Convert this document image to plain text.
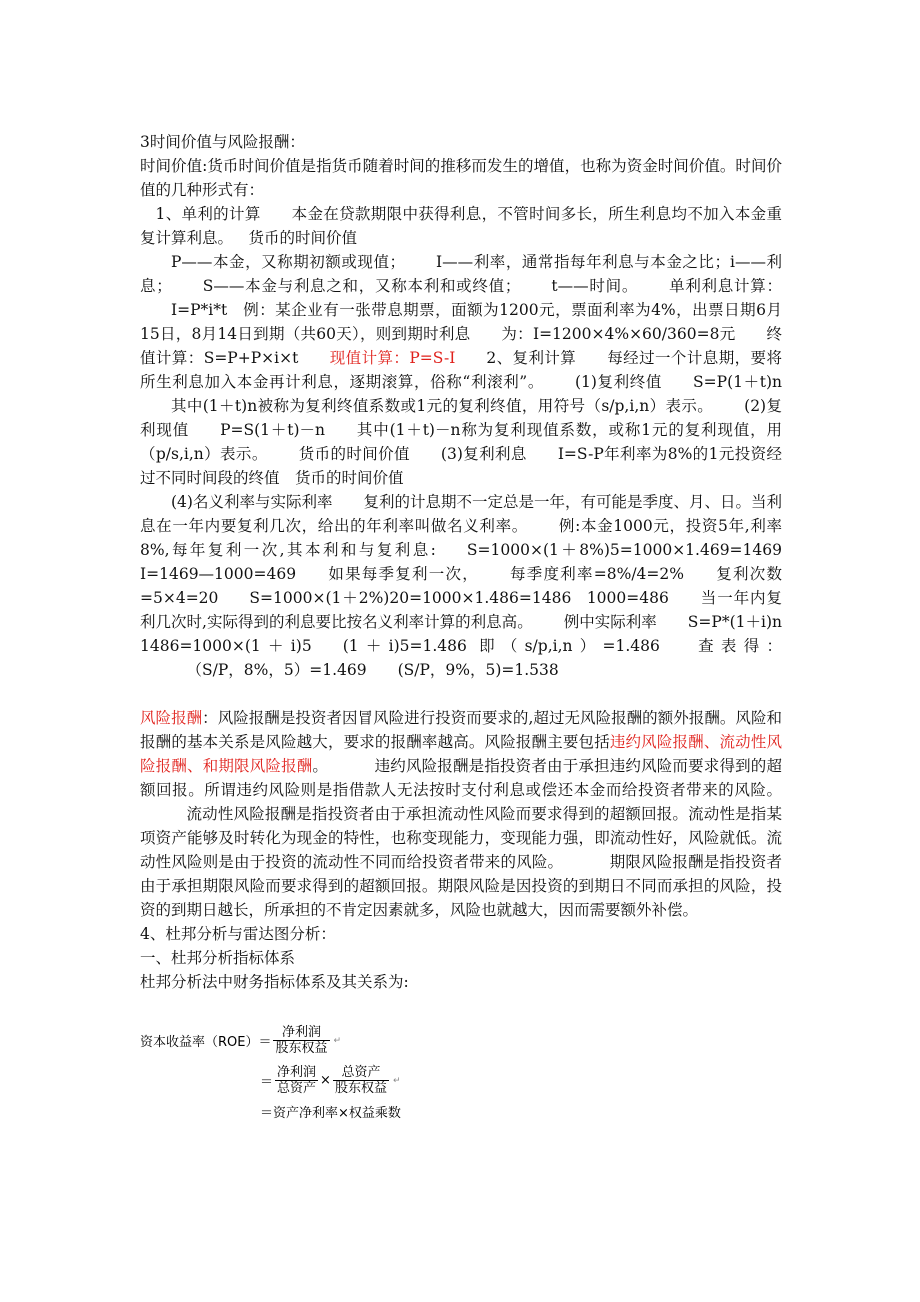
3时间价值与风险报酬：

时间价值:货币时间价值是指货币随着时间的推移而发生的增值，也称为资金时间价值。时间价值的几种形式有：

1、单利的计算 本金在贷款期限中获得利息，不管时间多长，所生利息均不加入本金重复计算利息。 货币的时间价值

P——本金，又称期初额或现值； I——利率，通常指每年利息与本金之比；i——利息； S——本金与利息之和，又称本利和或终值； t——时间。 单利利息计算：I=P*i*t 例：某企业有一张带息期票，面额为1200元，票面利率为4%，出票日期6月15日，8月14日到期（共60天），则到期时利息 为：I=1200×4%×60/360=8元 终值计算：S=P+P×i×t 现值计算：P=S-I 2、复利计算 每经过一个计息期，要将所生利息加入本金再计利息，逐期滚算，俗称“利滚利”。 (1)复利终值 S=P(1＋t)n其中(1＋t)n被称为复利终值系数或1元的复利终值，用符号（s/p,i,n）表示。 (2)复利现值 P=S(1＋t)－n 其中(1＋t)－n称为复利现值系数，或称1元的复利现值，用（p/s,i,n）表示。 货币的时间价值 (3)复利利息 I=S-P年利率为8%的1元投资经过不同时间段的终值 货币的时间价值

(4)名义利率与实际利率 复利的计息期不一定总是一年，有可能是季度、月、日。当利息在一年内要复利几次，给出的年利率叫做名义利率。 例:本金1000元，投资5年,利率8%,每年复利一次,其本利和与复利息: S=1000×(1＋8%)5=1000×1.469=1469 I=1469—1000=469 如果每季复利一次， 每季度利率=8%/4=2% 复利次数=5×4=20 S=1000×(1＋2%)20=1000×1.486=1486 1000=486 当一年内复利几次时,实际得到的利息要比按名义利率计算的利息高。 例中实际利率 S=P*(1＋i)n 1486=1000×(1＋i)5 (1＋i)5=1.486 即（s/p,i,n）=1.486 查表得：（S/P，8%，5）=1.469 (S/P，9%，5)=1.538

风险报酬：风险报酬是投资者因冒风险进行投资而要求的,超过无风险报酬的额外报酬。风险和报酬的基本关系是风险越大，要求的报酬率越高。风险报酬主要包括违约风险报酬、流动性风险报酬、和期限风险报酬。	违约风险报酬是指投资者由于承担违约风险而要求得到的超额回报。所谓违约风险则是指借款人无法按时支付利息或偿还本金而给投资者带来的风险。流动性风险报酬是指投资者由于承担流动性风险而要求得到的超额回报。流动性是指某项资产能够及时转化为现金的特性，也称变现能力，变现能力强，即流动性好，风险就低。流动性风险则是由于投资的流动性不同而给投资者带来的风险。	期限风险报酬是指投资者由于承担期限风险而要求得到的超额回报。期限风险是因投资的到期日不同而承担的风险，投资的到期日越长，所承担的不肯定因素就多，风险也就越大，因而需要额外补偿。

4、杜邦分析与雷达图分析：

一、杜邦分析指标体系

杜邦分析法中财务指标体系及其关系为:

资本收益率$(ROE)= \frac{\text{净利润}}{\text{股东权益}}$ ↵
＝ $\frac{\text{净利润}}{\text{总资产}} \times \frac{\text{总资产}}{\text{股东权益}}$ ↵
＝资产净利率×权益乘数
